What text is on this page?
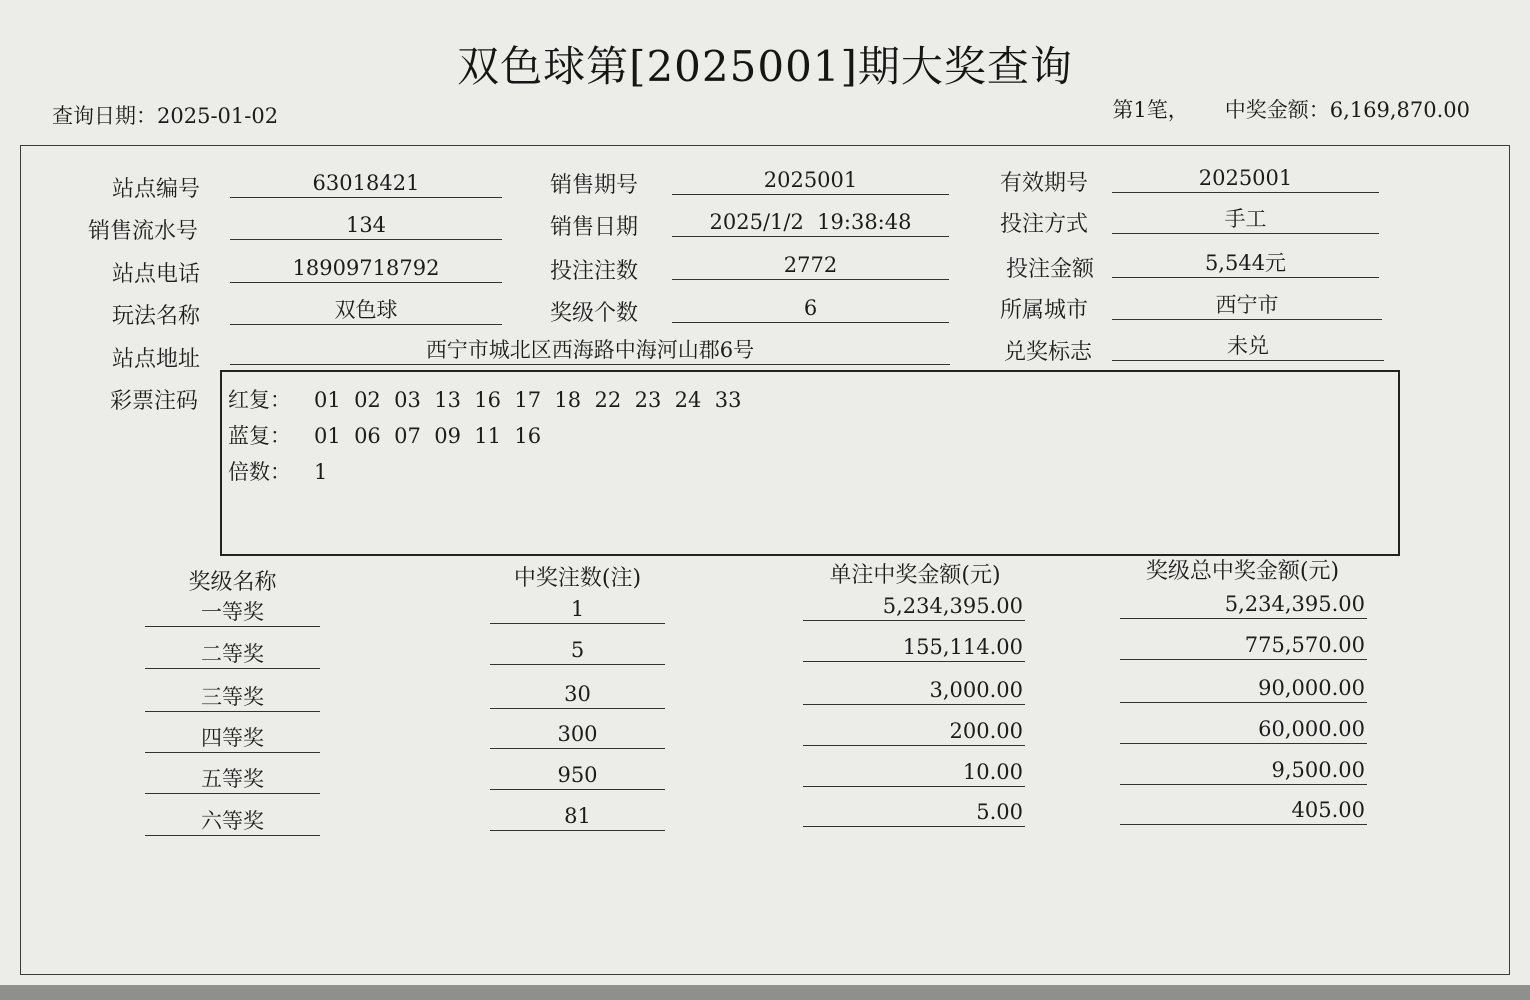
双色球第[2025001]期大奖查询
查询日期：2025-01-02	第1笔， 中奖金额：6,169,870.00
站点编号	63018421	销售期号	2025001	有效期号	2025001
销售流水号	134	销售日期	2025/1/2  19:38:48	投注方式	手工
站点电话	18909718792	投注注数	2772	投注金额	5,544元
玩法名称	双色球	奖级个数	6	所属城市	西宁市
站点地址	西宁市城北区西海路中海河山郡6号	兑奖标志	未兑
彩票注码 红复： 01  02  03  13  16  17  18  22  23  24  33
蓝复： 01  06  07  09  11  16
倍数： 1
奖级名称	中奖注数(注)	单注中奖金额(元)	奖级总中奖金额(元)
一等奖	1	5,234,395.00	5,234,395.00
二等奖	5	155,114.00	775,570.00
三等奖	30	3,000.00	90,000.00
四等奖	300	200.00	60,000.00
五等奖	950	10.00	9,500.00
六等奖	81	5.00	405.00
